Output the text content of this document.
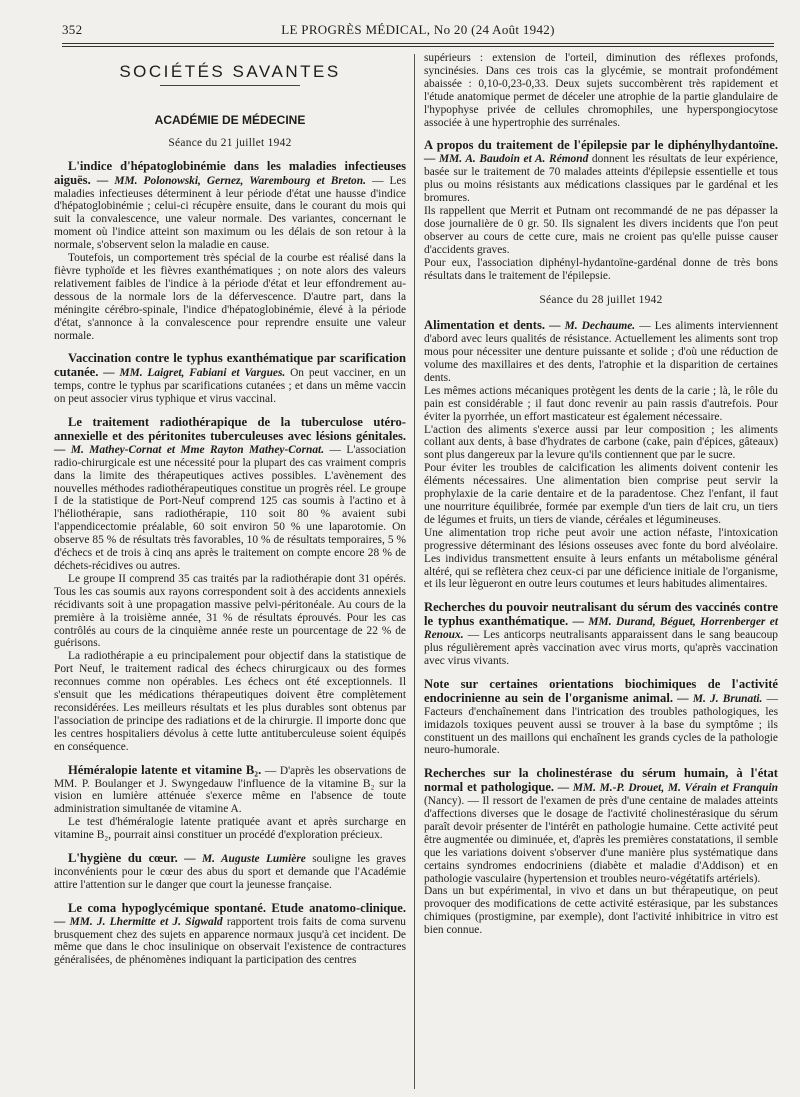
352	LE PROGRÈS MÉDICAL, No 20 (24 Août 1942)
SOCIÉTÉS SAVANTES
ACADÉMIE DE MÉDECINE
Séance du 21 juillet 1942
L'indice d'hépatoglobinémie dans les maladies infectieuses aiguës. — MM. Polonowski, Gernez, Warembourg et Breton. — Les maladies infectieuses déterminent à leur période d'état une hausse d'indice d'hépatoglobinémie ; celui-ci récupère ensuite, dans le courant du mois qui suit la convalescence, une valeur normale. Des variantes, concernant le moment où l'indice atteint son maximum ou les délais de son retour à la normale, s'observent selon la maladie en cause.
Toutefois, un comportement très spécial de la courbe est réalisé dans la fièvre typhoïde et les fièvres exanthématiques ; on note alors des valeurs relativement faibles de l'indice à la période d'état et leur effondrement au-dessous de la normale lors de la défervescence. D'autre part, dans la méningite cérébro-spinale, l'indice d'hépatoglobinémie, élevé à la période d'état, s'annonce à la convalescence pour reprendre ensuite une valeur normale.
Vaccination contre le typhus exanthématique par scarification cutanée. — MM. Laigret, Fabiani et Vargues. On peut vacciner, en un temps, contre le typhus par scarifications cutanées ; et dans un même vaccin on peut associer virus typhique et virus vaccinal.
Le traitement radiothérapique de la tuberculose utéro-annexielle et des péritonites tuberculeuses avec lésions génitales. — M. Mathey-Cornat et Mme Rayton Mathey-Cornat. — L'association radio-chirurgicale est une nécessité pour la plupart des cas vraiment compris dans la limite des thérapeutiques actives possibles. L'avènement des nouvelles méthodes radiothérapeutiques constitue un progrès réel. Le groupe I de la statistique de Port-Neuf comprend 125 cas soumis à l'actino et à l'héliothérapie, sans radiothérapie, 110 soit 80 % avaient subi l'appendicectomie préalable, 60 soit environ 50 % une laparotomie. On observe 85 % de résultats très favorables, 10 % de résultats temporaires, 5 % d'échecs et de trois à cinq ans après le traitement on compte encore 28 % de déchets-récidives ou autres.
Le groupe II comprend 35 cas traités par la radiothérapie dont 31 opérés. Tous les cas soumis aux rayons correspondent soit à des accidents annexiels récidivants soit à une propagation massive pelvi-péritonéale. Au cours de la première à la troisième année, 31 % de résultats éprouvés. Pour les cas contrôlés au cours de la cinquième année reste un pourcentage de 22 % de guérisons.
La radiothérapie a eu principalement pour objectif dans la statistique de Port Neuf, le traitement radical des échecs chirurgicaux ou des formes reconnues comme non opérables. Les échecs ont été exceptionnels. Il s'ensuit que les médications thérapeutiques doivent être complètement reconsidérées. Les meilleurs résultats et les plus durables sont obtenus par l'association de principe des radiations et de la chirurgie. Il importe donc que les centres hospitaliers dévolus à cette lutte antituberculeuse soient équipés en conséquence.
Héméralopie latente et vitamine B₂. — D'après les observations de MM. P. Boulanger et J. Swyngedauw l'influence de la vitamine B₂ sur la vision en lumière atténuée s'exerce même en l'absence de toute administration simultanée de vitamine A.
Le test d'héméralogie latente pratiquée avant et après surcharge en vitamine B₂, pourrait ainsi constituer un procédé d'exploration précieux.
L'hygiène du cœur. — M. Auguste Lumière souligne les graves inconvénients pour le cœur des abus du sport et demande que l'Académie attire l'attention sur le danger que court la jeunesse française.
Le coma hypoglycémique spontané. Etude anatomo-clinique. — MM. J. Lhermitte et J. Sigwald rapportent trois faits de coma survenu brusquement chez des sujets en apparence normaux jusqu'à cet incident. De même que dans le choc insulinique on observait l'existence de contractures généralisées, de phénomènes indiquant la participation des centres
supérieurs : extension de l'orteil, diminution des réflexes profonds, syncinésies. Dans ces trois cas la glycémie, se montrait profondément abaissée : 0,10-0,23-0,33. Deux sujets succombèrent très rapidement et l'étude anatomique permet de déceler une atrophie de la partie glandulaire de l'hypophyse privée de cellules chromophiles, une hyperspongiocytose associée à une hypertrophie des surrénales.
A propos du traitement de l'épilepsie par le diphénylhydantoïne. — MM. A. Baudoin et A. Rémond donnent les résultats de leur expérience, basée sur le traitement de 70 malades atteints d'épilepsie essentielle et tous plus ou moins résistants aux médications classiques par le gardénal et les bromures.
Ils rappellent que Merrit et Putnam ont recommandé de ne pas dépasser la dose journalière de 0 gr. 50. Ils signalent les divers incidents que l'on peut observer au cours de cette cure, mais ne croient pas qu'elle puisse causer d'accidents graves.
Pour eux, l'association diphényl-hydantoïne-gardénal donne de très bons résultats dans le traitement de l'épilepsie.
Séance du 28 juillet 1942
Alimentation et dents. — M. Dechaume. — Les aliments interviennent d'abord avec leurs qualités de résistance. Actuellement les aliments sont trop mous pour nécessiter une denture puissante et solide ; d'où une réduction de volume des maxillaires et des dents, l'atrophie et la disparition de certaines dents.
Les mêmes actions mécaniques protègent les dents de la carie ; là, le rôle du pain est considérable ; il faut donc revenir au pain rassis d'autrefois. Pour éviter la pyorrhée, un effort masticateur est également nécessaire.
L'action des aliments s'exerce aussi par leur composition ; les aliments collant aux dents, à base d'hydrates de carbone (cake, pain d'épices, gâteaux) sont plus dangereux par la levure qu'ils contiennent que par le sucre.
Pour éviter les troubles de calcification les aliments doivent contenir les éléments nécessaires. Une alimentation bien comprise peut servir la prophylaxie de la carie dentaire et de la paradentose. Chez l'enfant, il faut une nourriture équilibrée, formée par exemple d'un tiers de lait cru, un tiers de légumes et fruits, un tiers de viande, céréales et légumineuses.
Une alimentation trop riche peut avoir une action néfaste, l'intoxication progressive déterminant des lésions osseuses avec fonte du bord alvéolaire. Les individus transmettent ensuite à leurs enfants un métabolisme général altéré, qui se reflètera chez ceux-ci par une déficience initiale de l'organisme, et ils leur lègueront en outre leurs coutumes et leurs habitudes alimentaires.
Recherches du pouvoir neutralisant du sérum des vaccinés contre le typhus exanthématique. — MM. Durand, Béguet, Horrenberger et Renoux. — Les anticorps neutralisants apparaissent dans le sang beaucoup plus régulièrement après vaccination avec virus morts, qu'après vaccination avec virus vivants.
Note sur certaines orientations biochimiques de l'activité endocrinienne au sein de l'organisme animal. — M. J. Brunati. — Facteurs d'enchaînement dans l'intrication des troubles pathologiques, les imidazols toxiques peuvent aussi se trouver à la base du symptôme ; ils constituent un des maillons qui enchaînent les grands cycles de la pathologie neuro-humorale.
Recherches sur la cholinestérase du sérum humain, à l'état normal et pathologique. — MM. M.-P. Drouet, M. Vérain et Franquin (Nancy). — Il ressort de l'examen de près d'une centaine de malades atteints d'affections diverses que le dosage de l'activité cholinestérasique du sérum paraît devoir présenter de l'intérêt en pathologie humaine. Cette activité peut être augmentée ou diminuée, et, d'après les premières constatations, il semble que les variations doivent s'observer d'une manière plus systématique dans certains syndromes endocriniens (diabète et maladie d'Addison) et en pathologie vasculaire (hypertension et troubles neuro-végétatifs artériels).
Dans un but expérimental, in vivo et dans un but thérapeutique, on peut provoquer des modifications de cette activité estérasique, par les substances chimiques (prostigmine, par exemple), dont l'activité inhibitrice in vitro est bien connue.
